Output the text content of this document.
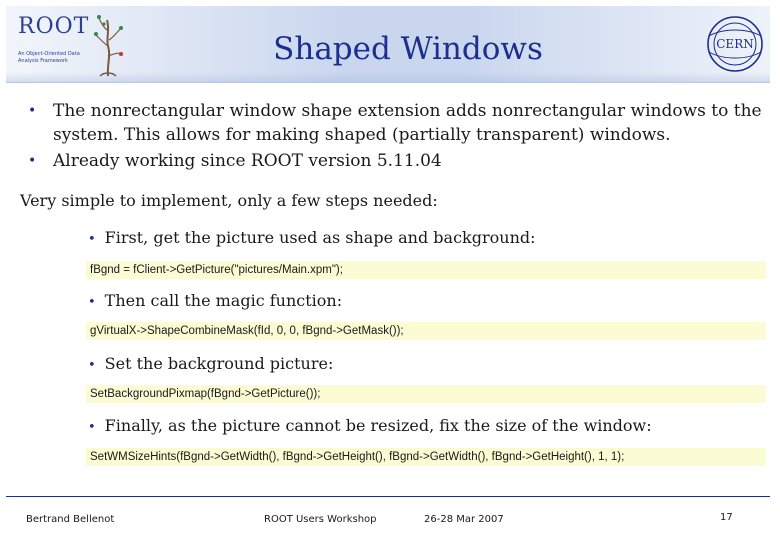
ROOT
An Object-Oriented Data Analysis Framework	Shaped Windows	CERN
• The nonrectangular window shape extension adds nonrectangular windows to the system. This allows for making shaped (partially transparent) windows.
• Already working since ROOT version 5.11.04
Very simple to implement, only a few steps needed:
• First, get the picture used as shape and background:
fBgnd = fClient->GetPicture("pictures/Main.xpm");
• Then call the magic function:
gVirtualX->ShapeCombineMask(fId, 0, 0, fBgnd->GetMask());
• Set the background picture:
SetBackgroundPixmap(fBgnd->GetPicture());
• Finally, as the picture cannot be resized, fix the size of the window:
SetWMSizeHints(fBgnd->GetWidth(), fBgnd->GetHeight(), fBgnd->GetWidth(), fBgnd->GetHeight(), 1, 1);
Bertrand Bellenot	ROOT Users Workshop	26-28 Mar 2007	17
